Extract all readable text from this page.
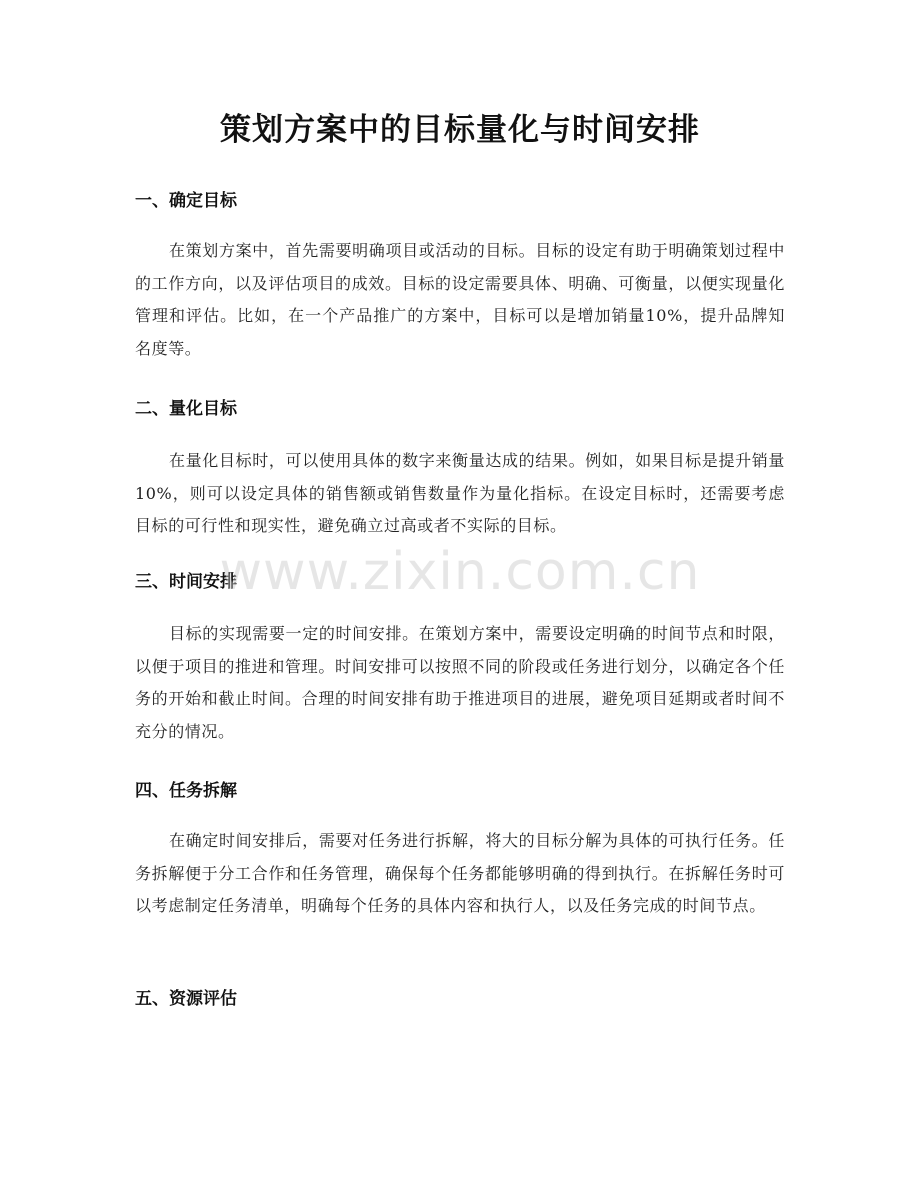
策划方案中的目标量化与时间安排
一、确定目标

在策划方案中，首先需要明确项目或活动的目标。目标的设定有助于明确策划过程中的工作方向，以及评估项目的成效。目标的设定需要具体、明确、可衡量，以便实现量化管理和评估。比如，在一个产品推广的方案中，目标可以是增加销量10%，提升品牌知名度等。

二、量化目标

在量化目标时，可以使用具体的数字来衡量达成的结果。例如，如果目标是提升销量 10%，则可以设定具体的销售额或销售数量作为量化指标。在设定目标时，还需要考虑目标的可行性和现实性，避免确立过高或者不实际的目标。

三、时间安排

目标的实现需要一定的时间安排。在策划方案中，需要设定明确的时间节点和时限，以便于项目的推进和管理。时间安排可以按照不同的阶段或任务进行划分，以确定各个任务的开始和截止时间。合理的时间安排有助于推进项目的进展，避免项目延期或者时间不充分的情况。

四、任务拆解

在确定时间安排后，需要对任务进行拆解，将大的目标分解为具体的可执行任务。任务拆解便于分工合作和任务管理，确保每个任务都能够明确的得到执行。在拆解任务时可以考虑制定任务清单，明确每个任务的具体内容和执行人，以及任务完成的时间节点。

五、资源评估
www.zixin.com.cn
